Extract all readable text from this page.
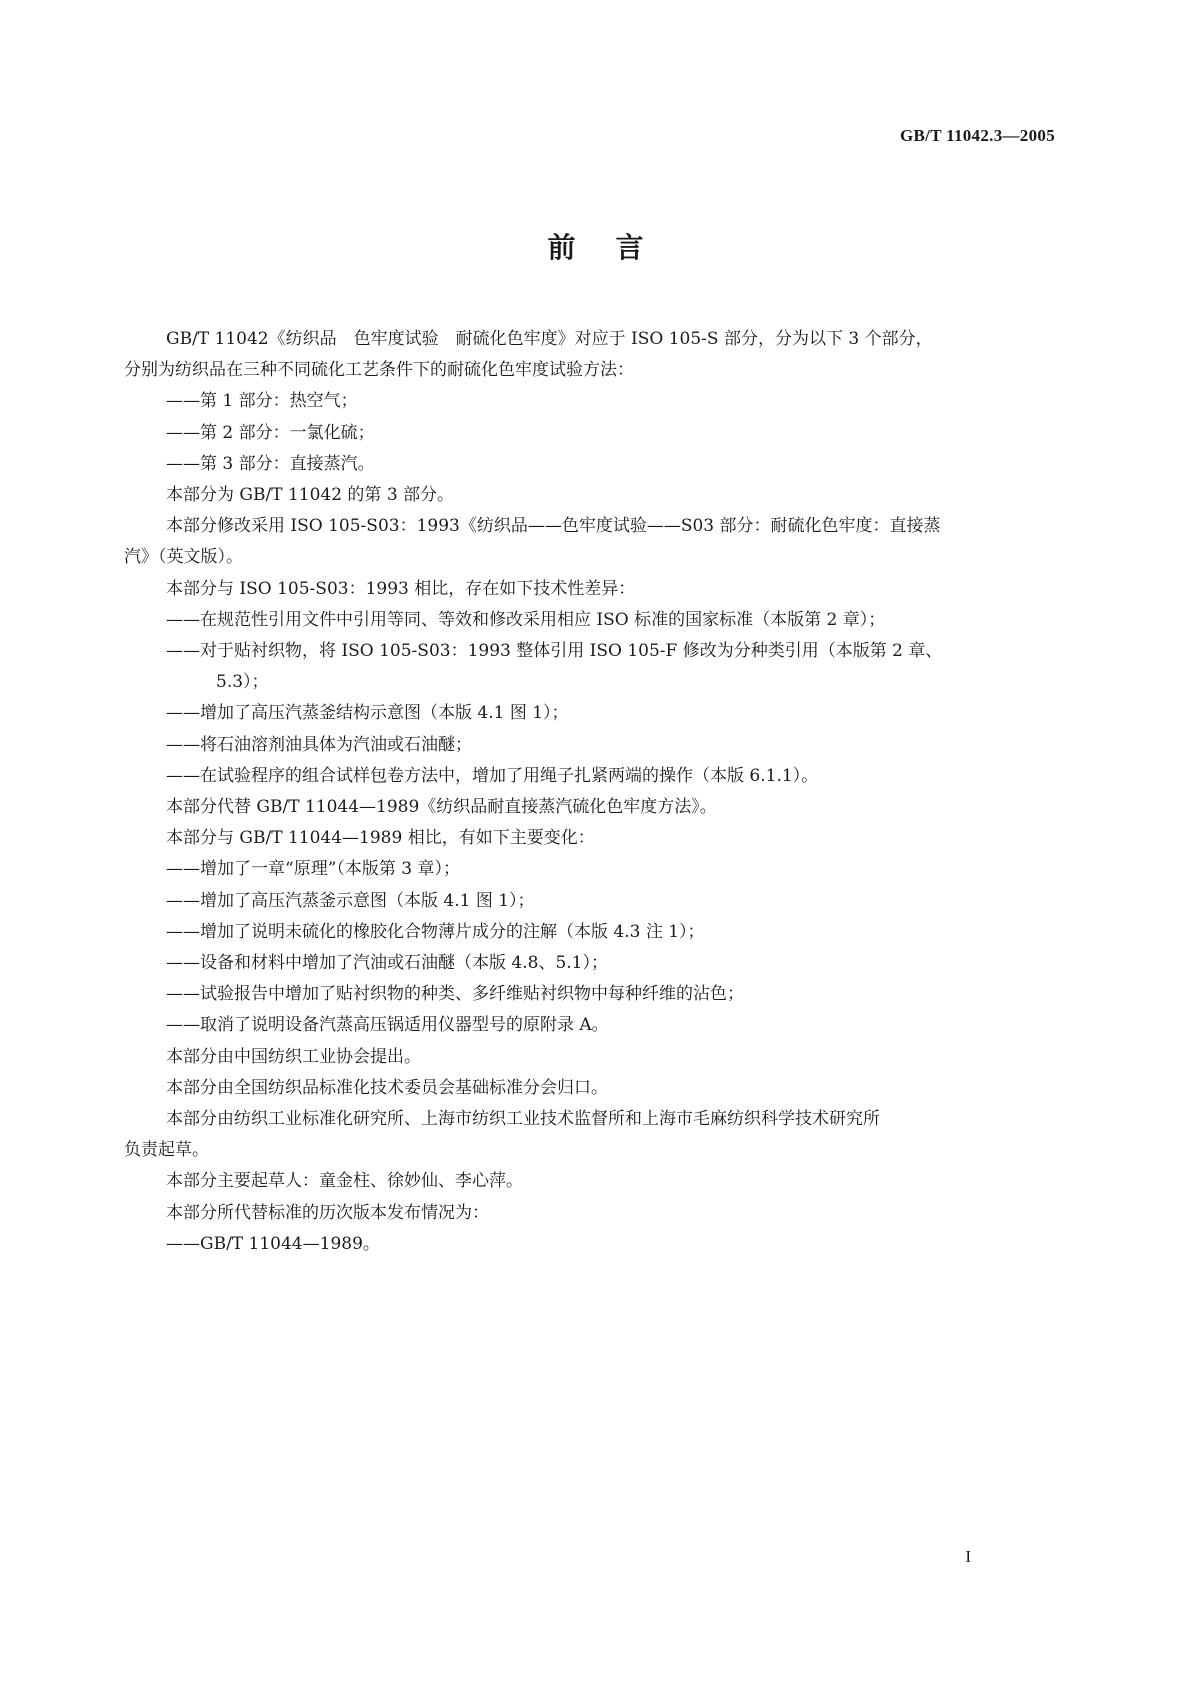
GB/T 11042.3—2005
前言

GB/T 11042《纺织品　色牢度试验　耐硫化色牢度》对应于 ISO 105-S 部分，分为以下 3 个部分，

分别为纺织品在三种不同硫化工艺条件下的耐硫化色牢度试验方法：

——第 1 部分：热空气；

——第 2 部分：一氯化硫；

——第 3 部分：直接蒸汽。

本部分为 GB/T 11042 的第 3 部分。

本部分修改采用 ISO 105-S03：1993《纺织品——色牢度试验——S03 部分：耐硫化色牢度：直接蒸

汽》（英文版）。

本部分与 ISO 105-S03：1993 相比，存在如下技术性差异：

——在规范性引用文件中引用等同、等效和修改采用相应 ISO 标准的国家标准（本版第 2 章）；

——对于贴衬织物，将 ISO 105-S03：1993 整体引用 ISO 105-F 修改为分种类引用（本版第 2 章、

5.3）；

——增加了高压汽蒸釜结构示意图（本版 4.1 图 1）；

——将石油溶剂油具体为汽油或石油醚；

——在试验程序的组合试样包卷方法中，增加了用绳子扎紧两端的操作（本版 6.1.1）。

本部分代替 GB/T 11044—1989《纺织品耐直接蒸汽硫化色牢度方法》。

本部分与 GB/T 11044—1989 相比，有如下主要变化：

——增加了一章“原理”（本版第 3 章）；

——增加了高压汽蒸釜示意图（本版 4.1 图 1）；

——增加了说明未硫化的橡胶化合物薄片成分的注解（本版 4.3 注 1）；

——设备和材料中增加了汽油或石油醚（本版 4.8、5.1）；

——试验报告中增加了贴衬织物的种类、多纤维贴衬织物中每种纤维的沾色；

——取消了说明设备汽蒸高压锅适用仪器型号的原附录 A。

本部分由中国纺织工业协会提出。

本部分由全国纺织品标准化技术委员会基础标准分会归口。

本部分由纺织工业标准化研究所、上海市纺织工业技术监督所和上海市毛麻纺织科学技术研究所

负责起草。

本部分主要起草人：童金柱、徐妙仙、李心萍。

本部分所代替标准的历次版本发布情况为：

——GB/T 11044—1989。

I
